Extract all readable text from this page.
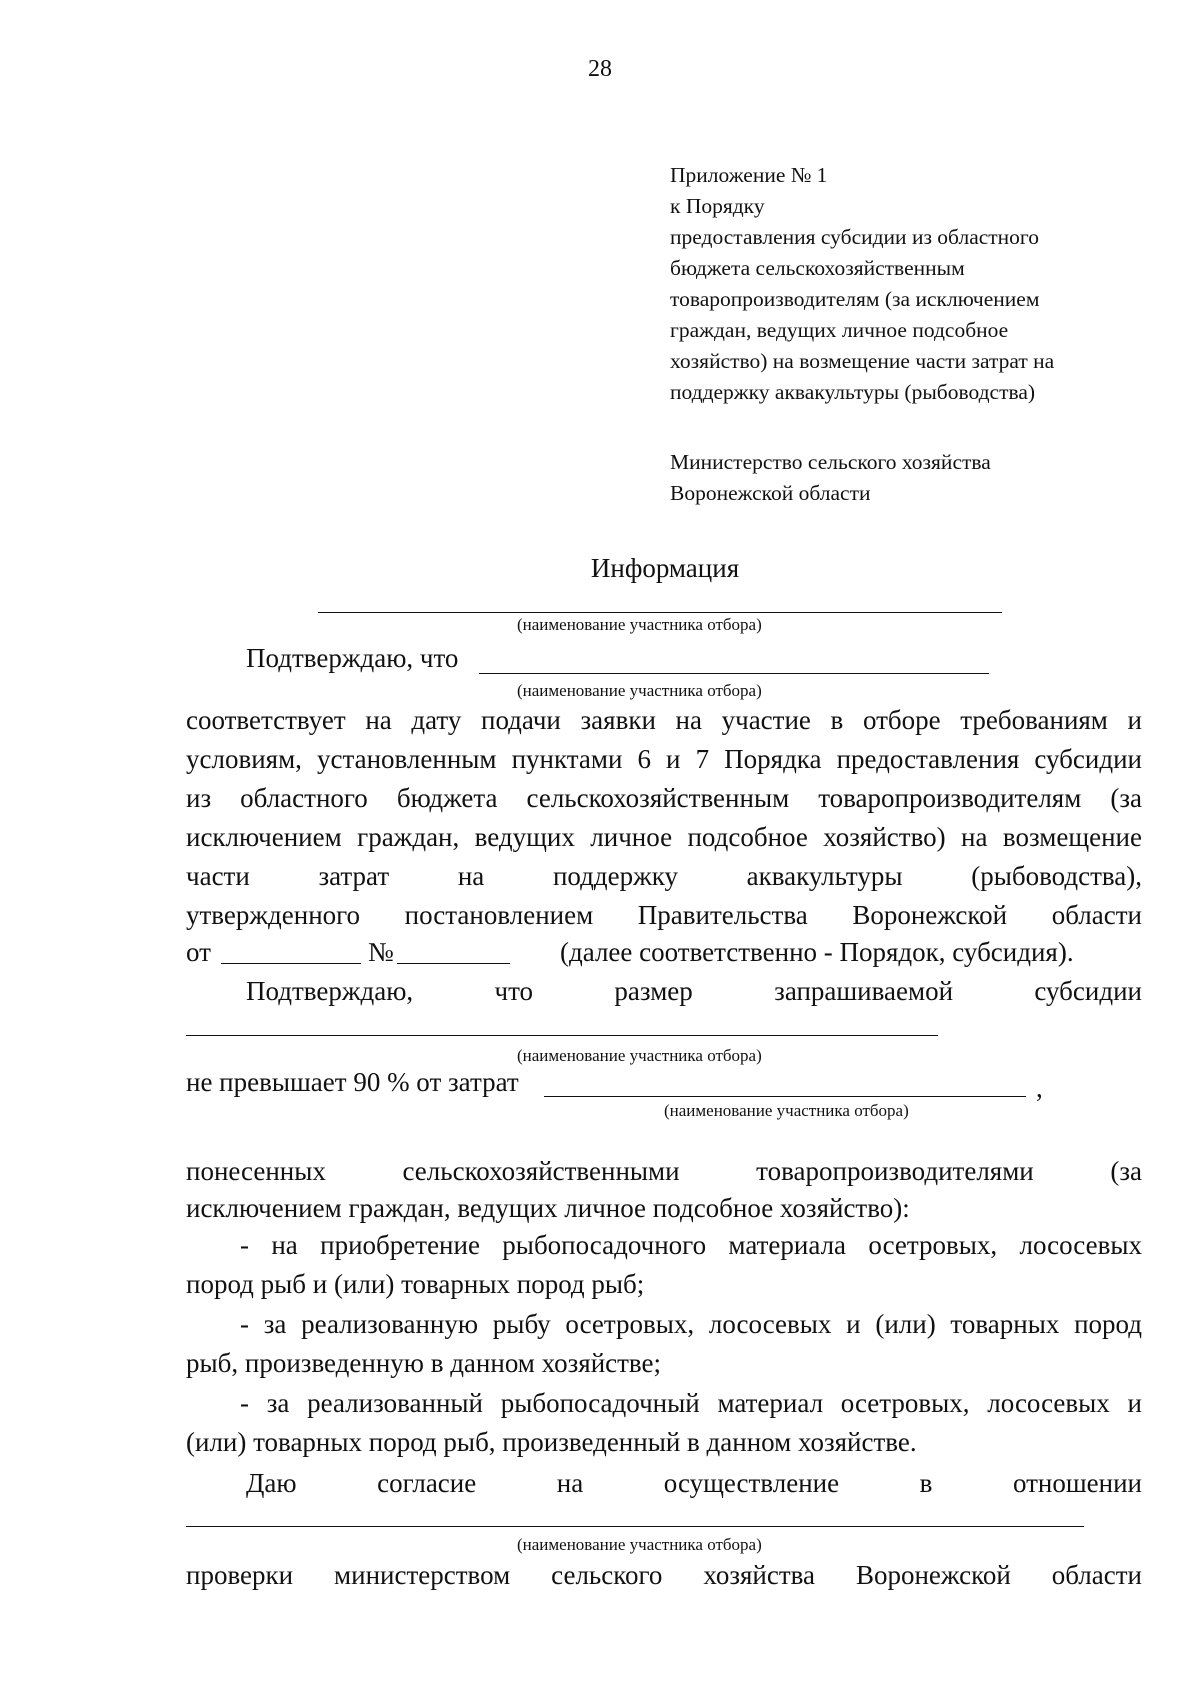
28
Приложение № 1
к Порядку
предоставления субсидии из областного
бюджета сельскохозяйственным
товаропроизводителям (за исключением
граждан, ведущих личное подсобное
хозяйство) на возмещение части затрат на
поддержку аквакультуры (рыбоводства)
Министерство сельского хозяйства
Воронежской области
Информация
(наименование участника отбора)
Подтверждаю, что
(наименование участника отбора)
соответствует на дату подачи заявки на участие в отборе требованиям и
условиям, установленным пунктами 6 и 7 Порядка предоставления субсидии
из областного бюджета сельскохозяйственным товаропроизводителям (за
исключением граждан, ведущих личное подсобное хозяйство) на возмещение
части затрат на поддержку аквакультуры (рыбоводства),
утвержденного постановлением Правительства Воронежской области
от	№	(далее соответственно - Порядок, субсидия).
Подтверждаю, что размер запрашиваемой субсидии
(наименование участника отбора)
не превышает 90 % от затрат	,
(наименование участника отбора)
понесенных сельскохозяйственными товаропроизводителями (за
исключением граждан, ведущих личное подсобное хозяйство):
- на приобретение рыбопосадочного материала осетровых, лососевых
пород рыб и (или) товарных пород рыб;
- за реализованную рыбу осетровых, лососевых и (или) товарных пород
рыб, произведенную в данном хозяйстве;
- за реализованный рыбопосадочный материал осетровых, лососевых и
(или) товарных пород рыб, произведенный в данном хозяйстве.
Даю согласие на осуществление в отношении
(наименование участника отбора)
проверки министерством сельского хозяйства Воронежской области
